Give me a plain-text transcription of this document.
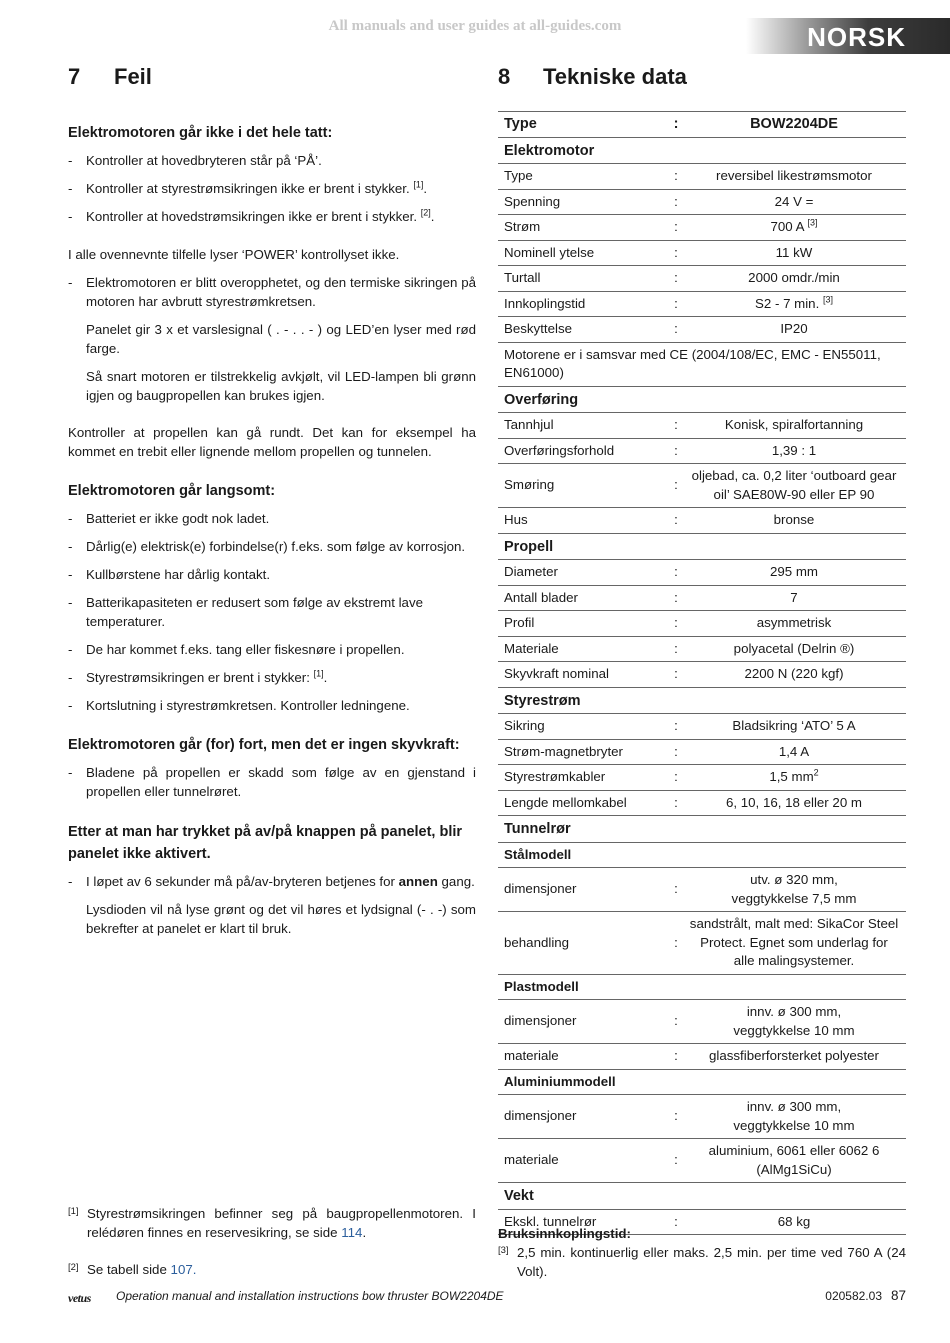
All manuals and user guides at all-guides.com	NORSK
7	Feil
Elektromotoren går ikke i det hele tatt:
- Kontroller at hovedbryteren står på ‘PÅ’.
- Kontroller at styrestrømsikringen ikke er brent i stykker. [1].
- Kontroller at hovedstrømsikringen ikke er brent i stykker. [2].

I alle ovennevnte tilfelle lyser ‘POWER’ kontrollyset ikke.

- Elektromotoren er blitt overopphetet, og den termiske sikringen på motoren har avbrutt styrestrømkretsen.
Panelet gir 3 x et varslesignal ( . - . . - ) og LED’en lyser med rød farge.
Så snart motoren er tilstrekkelig avkjølt, vil LED-lampen bli grønn igjen og baugpropellen kan brukes igjen.

Kontroller at propellen kan gå rundt. Det kan for eksempel ha kommet en trebit eller lignende mellom propellen og tunnelen.

Elektromotoren går langsomt:
- Batteriet er ikke godt nok ladet.
- Dårlig(e) elektrisk(e) forbindelse(r) f.eks. som følge av korrosjon.
- Kullbørstene har dårlig kontakt.
- Batterikapasiteten er redusert som følge av ekstremt lave temperaturer.
- De har kommet f.eks. tang eller fiskesnøre i propellen.
- Styrestrømsikringen er brent i stykker: [1].
- Kortslutning i styrestrømkretsen. Kontroller ledningene.
Elektromotoren går (for) fort, men det er ingen skyvkraft:
- Bladene på propellen er skadd som følge av en gjenstand i propellen eller tunnelrøret.
Etter at man har trykket på av/på knappen på panelet, blir panelet ikke aktivert.
- I løpet av 6 sekunder må på/av-bryteren betjenes for annen gang.
Lysdioden vil nå lyse grønt og det vil høres et lydsignal (- . -) som bekrefter at panelet er klart til bruk.
8	Tekniske data
Type	:	BOW2204DE
Elektromotor		
Type	:	reversibel likestrømsmotor
Spenning	:	24 V =
Strøm	:	700 A [3]
Nominell ytelse	:	11 kW
Turtall	:	2000 omdr./min
Innkoplingstid	:	S2 - 7 min. [3]
Beskyttelse	:	IP20
Motorene er i samsvar med CE (2004/108/EC, EMC - EN55011, EN61000)		
Overføring		
Tannhjul	:	Konisk, spiralfortanning
Overføringsforhold	:	1,39 : 1
Smøring	:	oljebad, ca. 0,2 liter ‘outboard gear oil’ SAE80W-90 eller EP 90
Hus	:	bronse
Propell		
Diameter	:	295 mm
Antall blader	:	7
Profil	:	asymmetrisk
Materiale	:	polyacetal (Delrin ®)
Skyvkraft nominal	:	2200 N (220 kgf)
Styrestrøm		
Sikring	:	Bladsikring ‘ATO’ 5 A
Strøm-magnetbryter	:	1,4 A
Styrestrømkabler	:	1,5 $mm^2$
Lengde mellomkabel	:	6, 10, 16, 18 eller 20 m
Tunnelrør		
Stålmodell		
dimensjoner	:	utv. ø 320 mm, veggtykkelse 7,5 mm
behandling	:	sandstrålt, malt med: SikaCor Steel Protect. Egnet som underlag for alle malingsystemer.
Plastmodell		
dimensjoner	:	innv. ø 300 mm, veggtykkelse 10 mm
materiale	:	glassfiberforsterket polyester
Aluminiummodell		
dimensjoner	:	innv. ø 300 mm, veggtykkelse 10 mm
materiale	:	aluminium, 6061 eller 6062 6 (AlMg1SiCu)
Vekt		
Ekskl. tunnelrør	:	68 kg
[1] Styrestrømsikringen befinner seg på baugpropellenmotoren. I relédøren finnes en reservesikring, se side 114.
[2] Se tabell side 107.

Bruksinnkoplingstid:

[3] 2,5 min. kontinuerlig eller maks. 2,5 min. per time ved 760 A (24 Volt).
vetus Operation manual and installation instructions bow thruster BOW2204DE	020582.03 87
